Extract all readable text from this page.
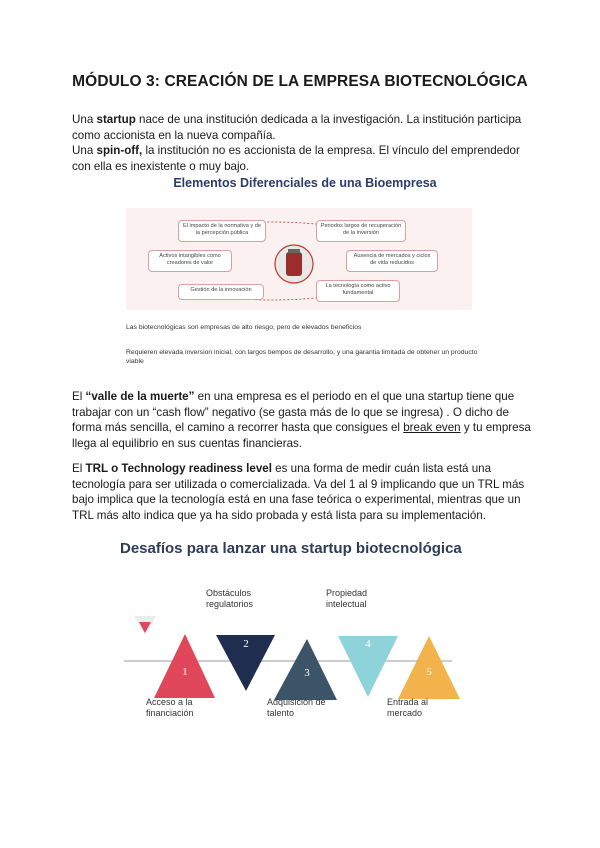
MÓDULO 3: CREACIÓN DE LA EMPRESA BIOTECNOLÓGICA
Una startup nace de una institución dedicada a la investigación. La institución participa como accionista en la nueva compañía.
Una spin-off, la institución no es accionista de la empresa. El vínculo del emprendedor con ella es inexistente o muy bajo.
Elementos Diferenciales de una Bioempresa
El impacto de la normativa y de la percepción pública
Periodos largos de recuperación de la inversión
Activos intangibles como creadores de valor
Ausencia de mercados y ciclos de vida reducidos
Gestión de la innovación
La tecnología como activo fundamental
Las biotecnológicas son empresas de alto riesgo, pero de elevados beneficios
Requieren elevada inversion inicial, con largos tiempos de desarrollo, y una garantia limitada de obtener un producto viable
El “valle de la muerte” en una empresa es el periodo en el que una startup tiene que trabajar con un “cash flow” negativo (se gasta más de lo que se ingresa) . O dicho de forma más sencilla, el camino a recorrer hasta que consigues el break even y tu empresa llega al equilibrio en sus cuentas financieras.
El TRL o Technology readiness level es una forma de medir cuán lista está una tecnología para ser utilizada o comercializada. Va del 1 al 9 implicando que un TRL más bajo implica que la tecnología está en una fase teórica o experimental, mientras que un TRL más alto indica que ya ha sido probada y está lista para su implementación.
Desafíos para lanzar una startup biotecnológica
1
2
3
4
5
Acceso a la financiación
Obstáculos regulatorios
Adquisición de talento
Propiedad intelectual
Entrada al mercado
